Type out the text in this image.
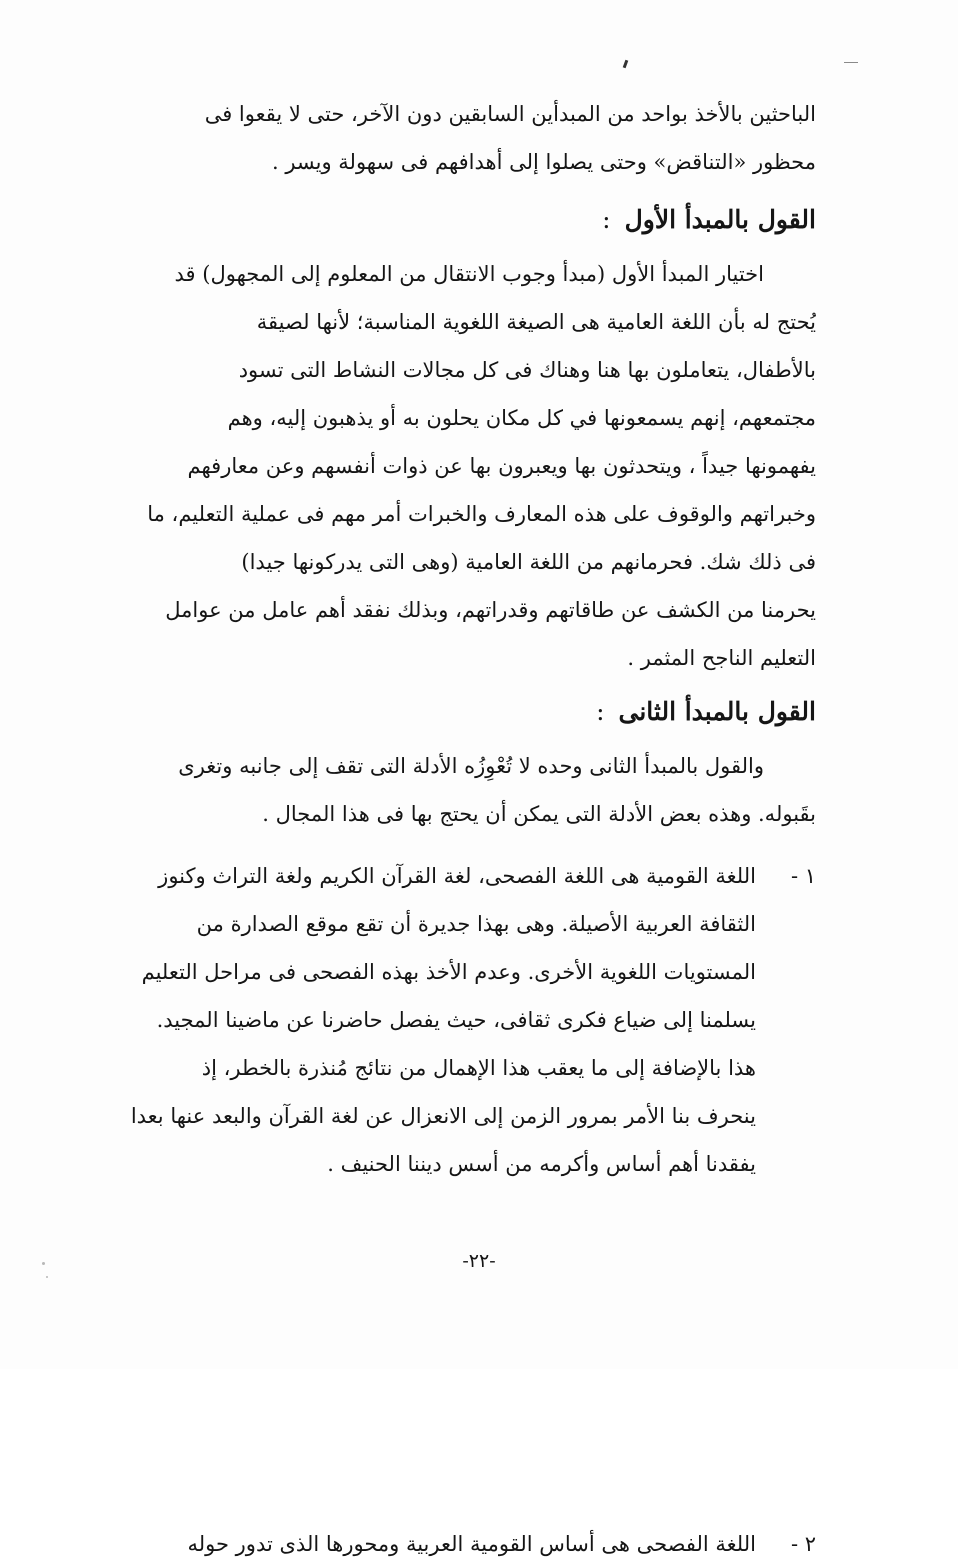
الباحثين بالأخذ بواحد من المبدأين السابقين دون الآخر، حتى لا يقعوا فى
محظور «التناقض» وحتى يصلوا إلى أهدافهم فى سهولة ويسر .
القول بالمبدأ الأول:
اختيار المبدأ الأول (مبدأ وجوب الانتقال من المعلوم إلى المجهول) قد
يُحتج له بأن اللغة العامية هى الصيغة اللغوية المناسبة؛ لأنها لصيقة
بالأطفال، يتعاملون بها هنا وهناك فى كل مجالات النشاط التى تسود
مجتمعهم، إنهم يسمعونها في كل مكان يحلون به أو يذهبون إليه، وهم
يفهمونها جيداً ، ويتحدثون بها ويعبرون بها عن ذوات أنفسهم وعن معارفهم
وخبراتهم والوقوف على هذه المعارف والخبرات أمر مهم فى عملية التعليم، ما
فى ذلك شك. فحرمانهم من اللغة العامية (وهى التى يدركونها جيدا)
يحرمنا من الكشف عن طاقاتهم وقدراتهم، وبذلك نفقد أهم عامل من عوامل
التعليم الناجح المثمر .
القول بالمبدأ الثانى:
والقول بالمبدأ الثانى وحده لا تُعْوِزُه الأدلة التى تقف إلى جانبه وتغرى
بقَبوله. وهذه بعض الأدلة التى يمكن أن يحتج بها فى هذا المجال .
١ -
اللغة القومية هى اللغة الفصحى، لغة القرآن الكريم ولغة التراث وكنوز
الثقافة العربية الأصيلة. وهى بهذا جديرة أن تقع موقع الصدارة من
المستويات اللغوية الأخرى. وعدم الأخذ بهذه الفصحى فى مراحل التعليم
يسلمنا إلى ضياع فكرى ثقافى، حيث يفصل حاضرنا عن ماضينا المجيد.
هذا بالإضافة إلى ما يعقب هذا الإهمال من نتائج مُنذرة بالخطر، إذ
ينحرف بنا الأمر بمرور الزمن إلى الانعزال عن لغة القرآن والبعد عنها بعدا
يفقدنا أهم أساس وأكرمه من أسس ديننا الحنيف .
٢ -
اللغة الفصحى هى أساس القومية العربية ومحورها الذى تدور حوله
-٢٢-
